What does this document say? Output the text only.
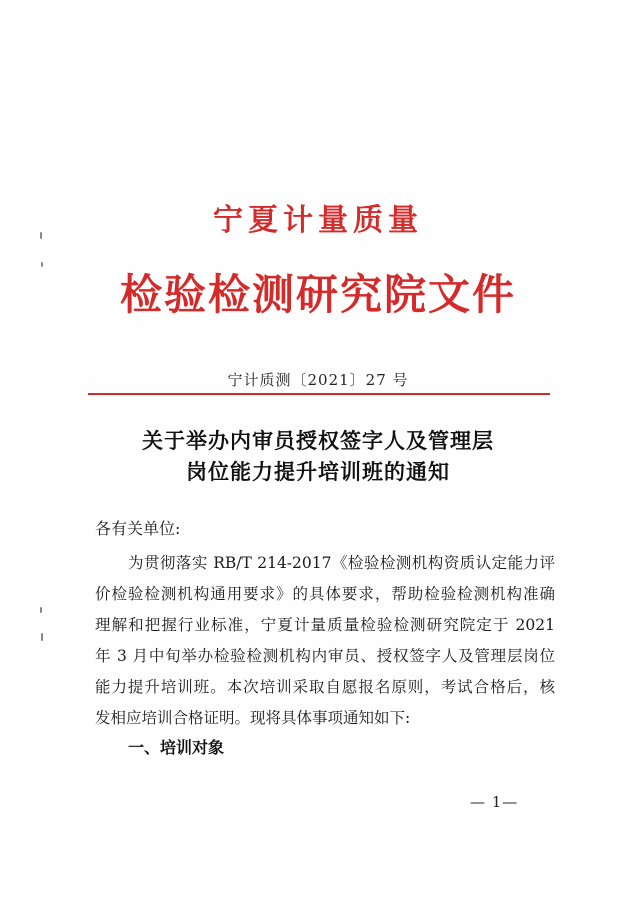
宁夏计量质量
检验检测研究院文件
宁计质测〔2021〕27 号
关于举办内审员授权签字人及管理层
岗位能力提升培训班的通知
各有关单位:
为贯彻落实 RB/T 214-2017《检验检测机构资质认定能力评
价检验检测机构通用要求》的具体要求，帮助检验检测机构准确
理解和把握行业标准，宁夏计量质量检验检测研究院定于 2021
年 3 月中旬举办检验检测机构内审员、授权签字人及管理层岗位
能力提升培训班。本次培训采取自愿报名原则，考试合格后，核
发相应培训合格证明。现将具体事项通知如下:
一、培训对象
— 1—
